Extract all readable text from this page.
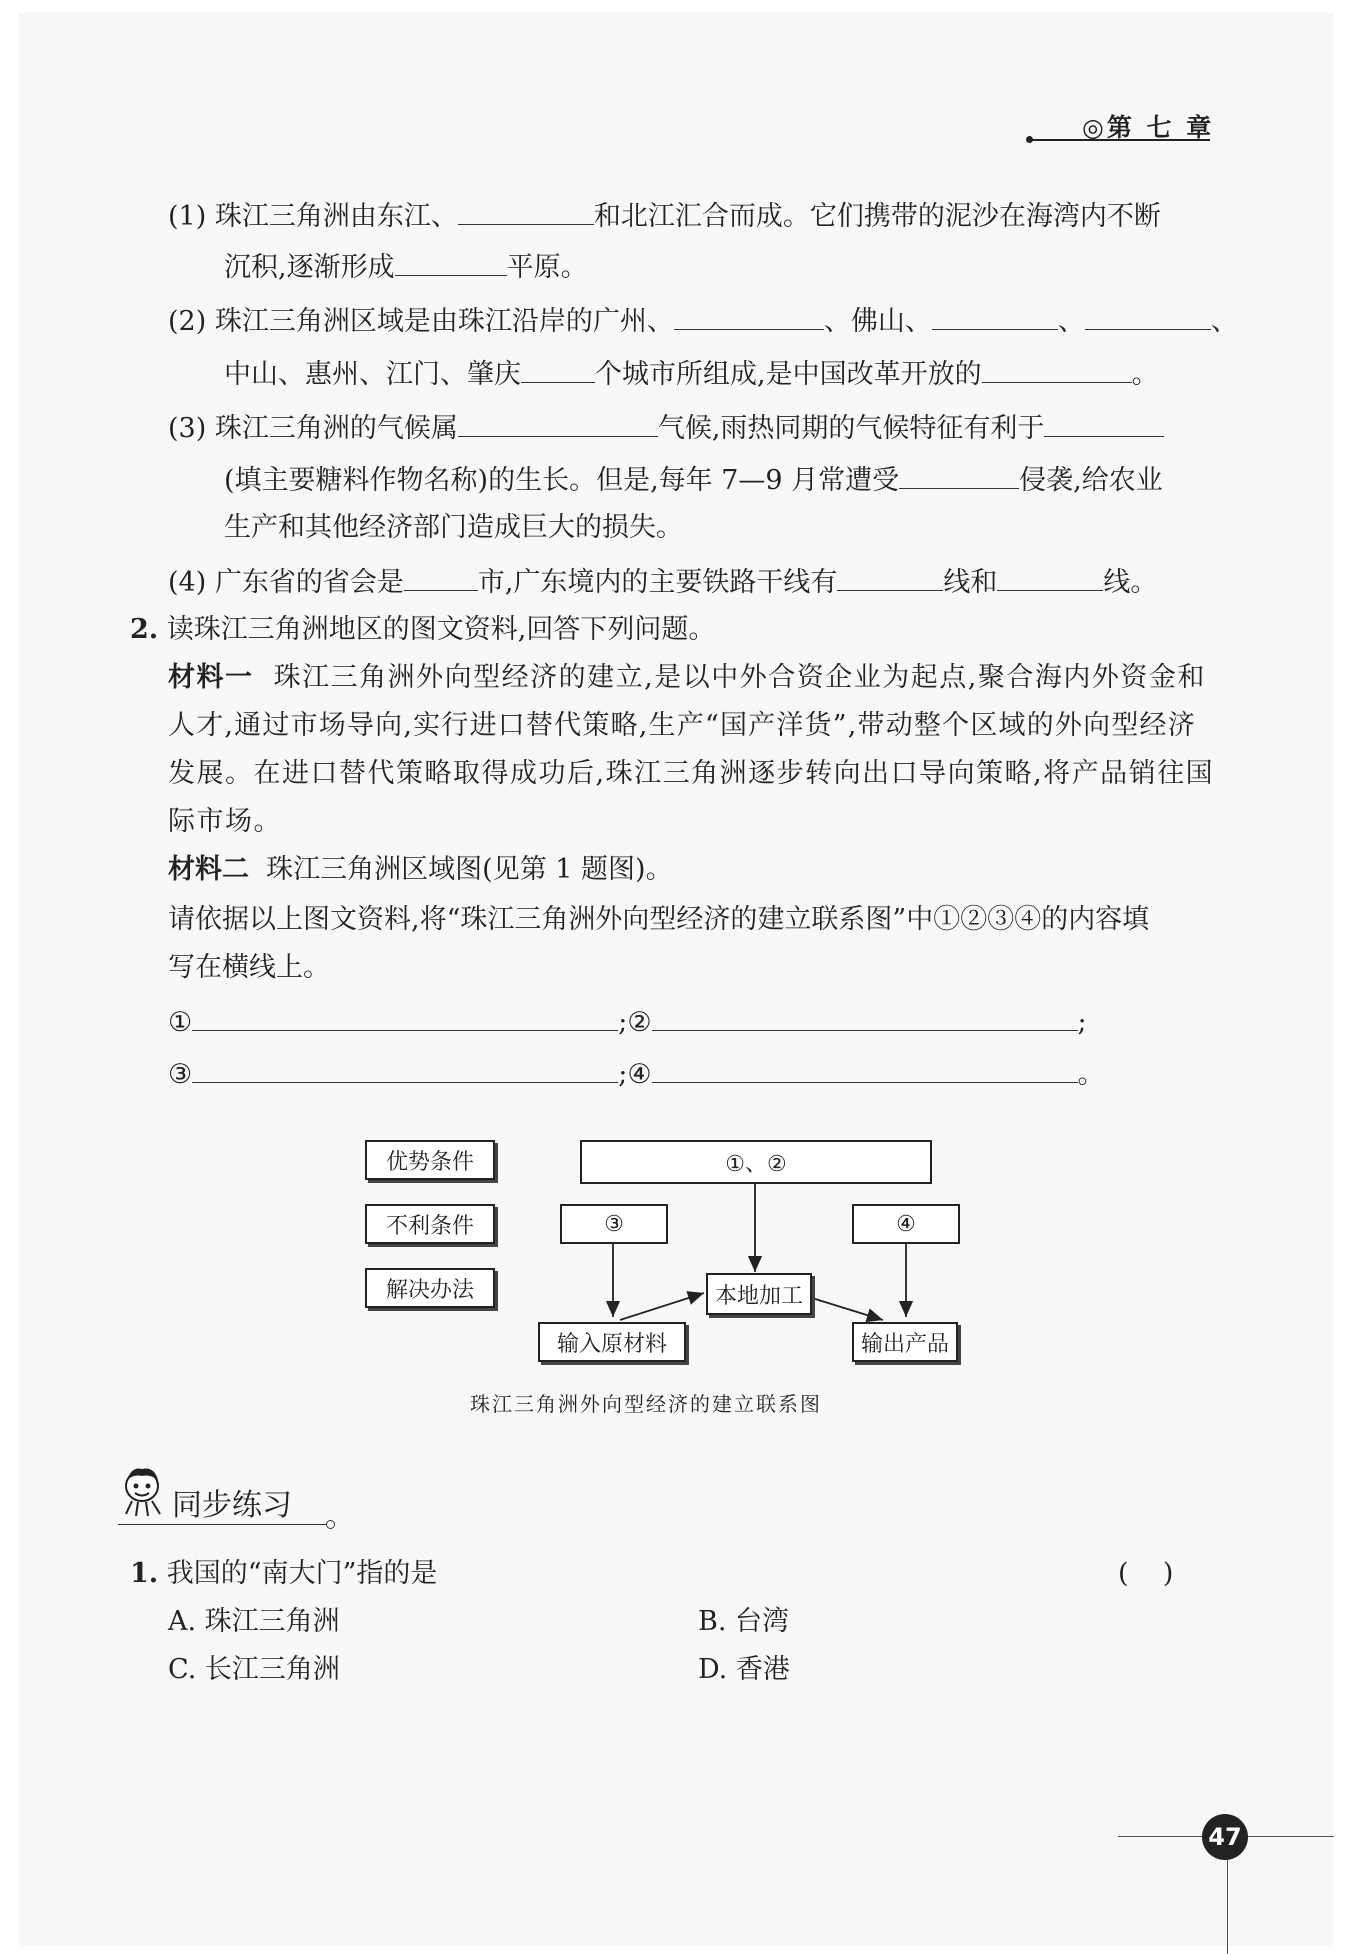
◎第 七 章
(1) 珠江三角洲由东江、	和北江汇合而成。它们携带的泥沙在海湾内不断
沉积,逐渐形成	平原。
(2) 珠江三角洲区域是由珠江沿岸的广州、	、佛山、	、	、
中山、惠州、江门、肇庆	个城市所组成,是中国改革开放的	。
(3) 珠江三角洲的气候属	气候,雨热同期的气候特征有利于
(填主要糖料作物名称)的生长。但是,每年 7—9 月常遭受	侵袭,给农业
生产和其他经济部门造成巨大的损失。
(4) 广东省的省会是	市,广东境内的主要铁路干线有	线和	线。
2. 读珠江三角洲地区的图文资料,回答下列问题。
材料一 珠江三角洲外向型经济的建立,是以中外合资企业为起点,聚合海内外资金和
人才,通过市场导向,实行进口替代策略,生产“国产洋货”,带动整个区域的外向型经济
发展。在进口替代策略取得成功后,珠江三角洲逐步转向出口导向策略,将产品销往国
际市场。
材料二 珠江三角洲区域图(见第 1 题图)。
请依据以上图文资料,将“珠江三角洲外向型经济的建立联系图”中①②③④的内容填
写在横线上。
①	;②	;
③	;④	。
优势条件
不利条件
解决办法
①、②
③	④
本地加工
输入原材料	输出产品
珠江三角洲外向型经济的建立联系图
同步练习
1. 我国的“南大门”指的是	(    )
A. 珠江三角洲	B. 台湾
C. 长江三角洲	D. 香港
47
